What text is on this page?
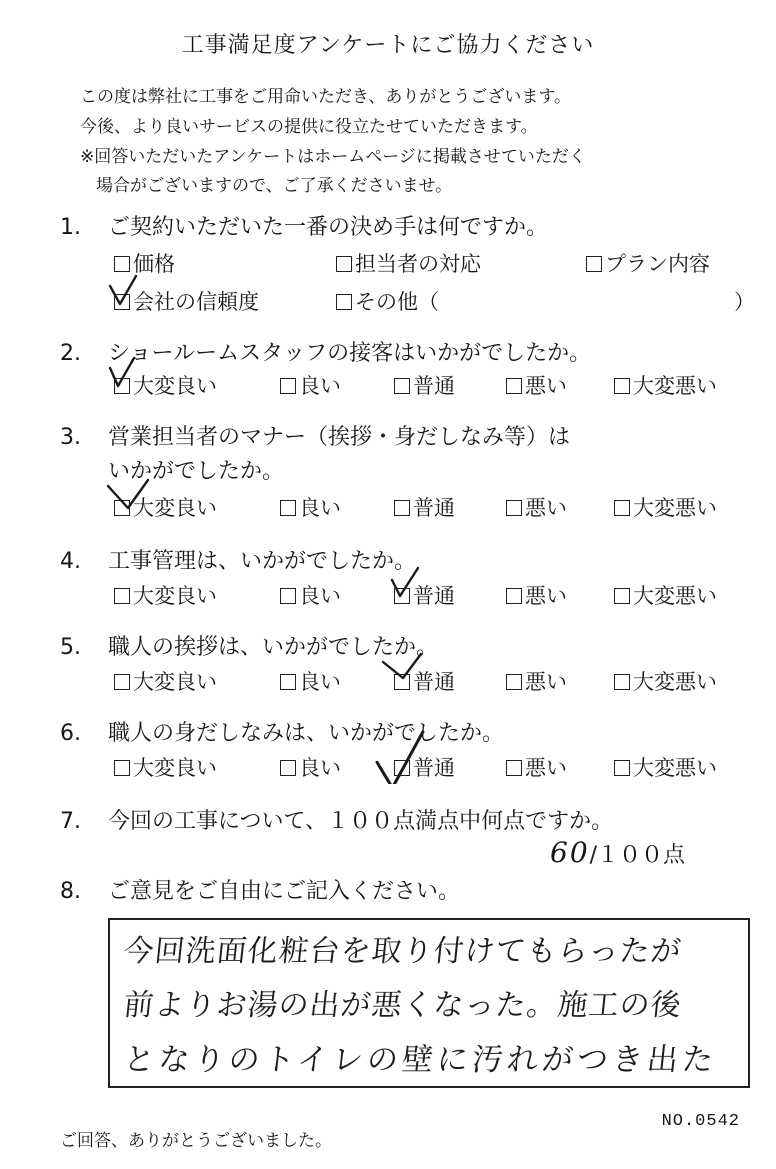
工事満足度アンケートにご協力ください
この度は弊社に工事をご用命いただき、ありがとうございます。
今後、より良いサービスの提供に役立たせていただきます。
※回答いただいたアンケートはホームページに掲載させていただく
場合がございますので、ご了承くださいませ。
1. ご契約いただいた一番の決め手は何ですか。
価格	担当者の対応	プラン内容
会社の信頼度	その他（	）
2. ショールームスタッフの接客はいかがでしたか。
大変良い	良い	普通	悪い	大変悪い
3. 営業担当者のマナー（挨拶・身だしなみ等）は
いかがでしたか。
大変良い	良い	普通	悪い	大変悪い
4. 工事管理は、いかがでしたか。
大変良い	良い	普通	悪い	大変悪い
5. 職人の挨拶は、いかがでしたか。
大変良い	良い	普通	悪い	大変悪い
6. 職人の身だしなみは、いかがでしたか。
大変良い	良い	普通	悪い	大変悪い
7. 今回の工事について、１００点満点中何点ですか。
60/１００点
8. ご意見をご自由にご記入ください。
今回洗面化粧台を取り付けてもらったが
前よりお湯の出が悪くなった。施工の後
となりのトイレの壁に汚れがつき出た
ご回答、ありがとうございました。
NO.0542
